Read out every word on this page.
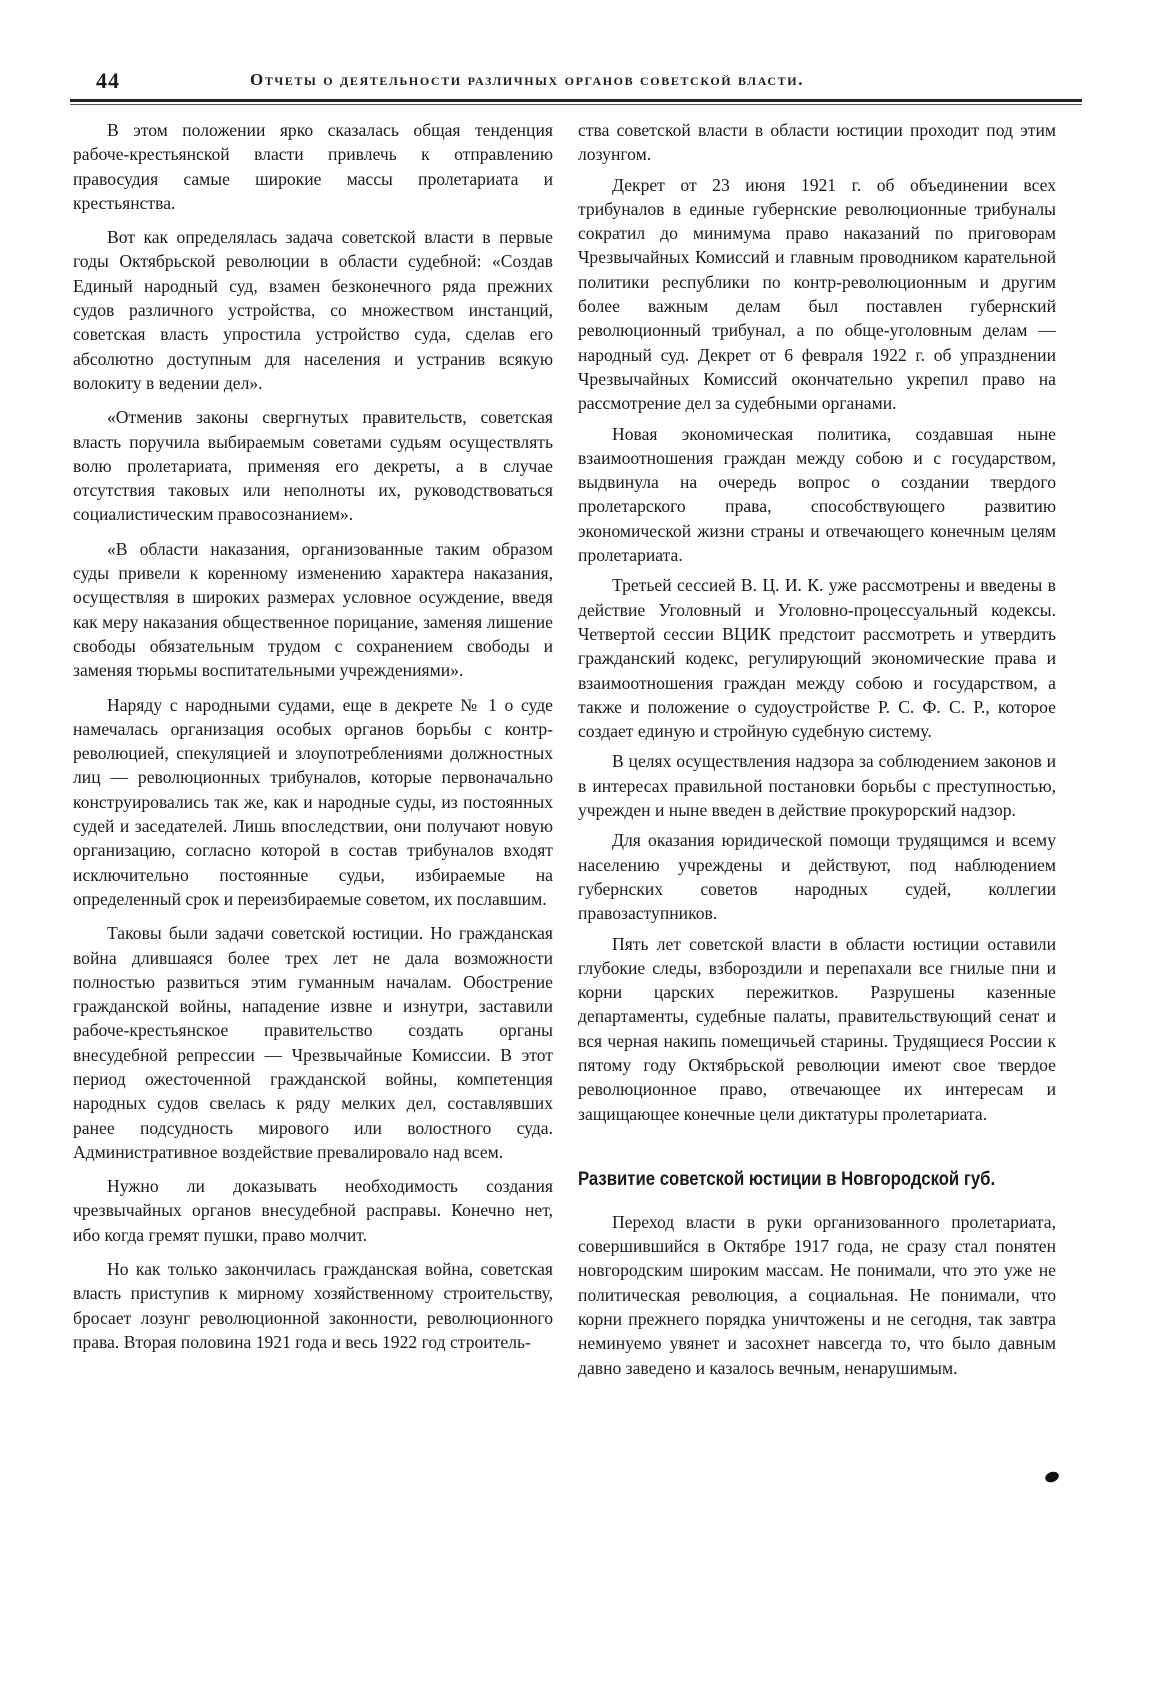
44	Отчеты о деятельности различных органов советской власти.

В этом положении ярко сказалась общая тенденция рабоче-крестьянской власти привлечь к отправлению правосудия самые широкие массы пролетариата и крестьянства.

Вот как определялась задача советской власти в первые годы Октябрьской революции в области судебной: «Создав Единый народный суд, взамен безконечного ряда прежних судов различного устройства, со множеством инстанций, советская власть упростила устройство суда, сделав его абсолютно доступным для населения и устранив всякую волокиту в ведении дел».

«Отменив законы свергнутых правительств, советская власть поручила выбираемым советами судьям осуществлять волю пролетариата, применяя его декреты, а в случае отсутствия таковых или неполноты их, руководствоваться социалистическим правосознанием».

«В области наказания, организованные таким образом суды привели к коренному изменению характера наказания, осуществляя в широких размерах условное осуждение, введя как меру наказания общественное порицание, заменяя лишение свободы обязательным трудом с сохранением свободы и заменяя тюрьмы воспитательными учреждениями».

Наряду с народными судами, еще в декрете № 1 о суде намечалась организация особых органов борьбы с контр-революцией, спекуляцией и злоупотреблениями должностных лиц — революционных трибуналов, которые первоначально конструировались так же, как и народные суды, из постоянных судей и заседателей. Лишь впоследствии, они получают новую организацию, согласно которой в состав трибуналов входят исключительно постоянные судьи, избираемые на определенный срок и переизбираемые советом, их пославшим.

Таковы были задачи советской юстиции. Но гражданская война длившаяся более трех лет не дала возможности полностью развиться этим гуманным началам. Обострение гражданской войны, нападение извне и изнутри, заставили рабоче-крестьянское правительство создать органы внесудебной репрессии — Чрезвычайные Комиссии. В этот период ожесточенной гражданской войны, компетенция народных судов свелась к ряду мелких дел, составлявших ранее подсудность мирового или волостного суда. Административное воздействие превалировало над всем.

Нужно ли доказывать необходимость создания чрезвычайных органов внесудебной расправы. Конечно нет, ибо когда гремят пушки, право молчит.

Но как только закончилась гражданская война, советская власть приступив к мирному хозяйственному строительству, бросает лозунг революционной законности, революционного права. Вторая половина 1921 года и весь 1922 год строитель-

ства советской власти в области юстиции проходит под этим лозунгом.

Декрет от 23 июня 1921 г. об объединении всех трибуналов в единые губернские революционные трибуналы сократил до минимума право наказаний по приговорам Чрезвычайных Комиссий и главным проводником карательной политики республики по контр-революционным и другим более важным делам был поставлен губернский революционный трибунал, а по обще-уголовным делам — народный суд. Декрет от 6 февраля 1922 г. об упразднении Чрезвычайных Комиссий окончательно укрепил право на рассмотрение дел за судебными органами.

Новая экономическая политика, создавшая ныне взаимоотношения граждан между собою и с государством, выдвинула на очередь вопрос о создании твердого пролетарского права, способствующего развитию экономической жизни страны и отвечающего конечным целям пролетариата.

Третьей сессией В. Ц. И. К. уже рассмотрены и введены в действие Уголовный и Уголовно-процессуальный кодексы. Четвертой сессии ВЦИК предстоит рассмотреть и утвердить гражданский кодекс, регулирующий экономические права и взаимоотношения граждан между собою и государством, а также и положение о судоустройстве Р. С. Ф. С. Р., которое создает единую и стройную судебную систему.

В целях осуществления надзора за соблюдением законов и в интересах правильной постановки борьбы с преступностью, учрежден и ныне введен в действие прокурорский надзор.

Для оказания юридической помощи трудящимся и всему населению учреждены и действуют, под наблюдением губернских советов народных судей, коллегии правозаступников.

Пять лет советской власти в области юстиции оставили глубокие следы, взбороздили и перепахали все гнилые пни и корни царских пережитков. Разрушены казенные департаменты, судебные палаты, правительствующий сенат и вся черная накипь помещичьей старины. Трудящиеся России к пятому году Октябрьской революции имеют свое твердое революционное право, отвечающее их интересам и защищающее конечные цели диктатуры пролетариата.

Развитие советской юстиции в Новгородской губ.

Переход власти в руки организованного пролетариата, совершившийся в Октябре 1917 года, не сразу стал понятен новгородским широким массам. Не понимали, что это уже не политическая революция, а социальная. Не понимали, что корни прежнего порядка уничтожены и не сегодня, так завтра неминуемо увянет и засохнет навсегда то, что было давным давно заведено и казалось вечным, ненарушимым.
